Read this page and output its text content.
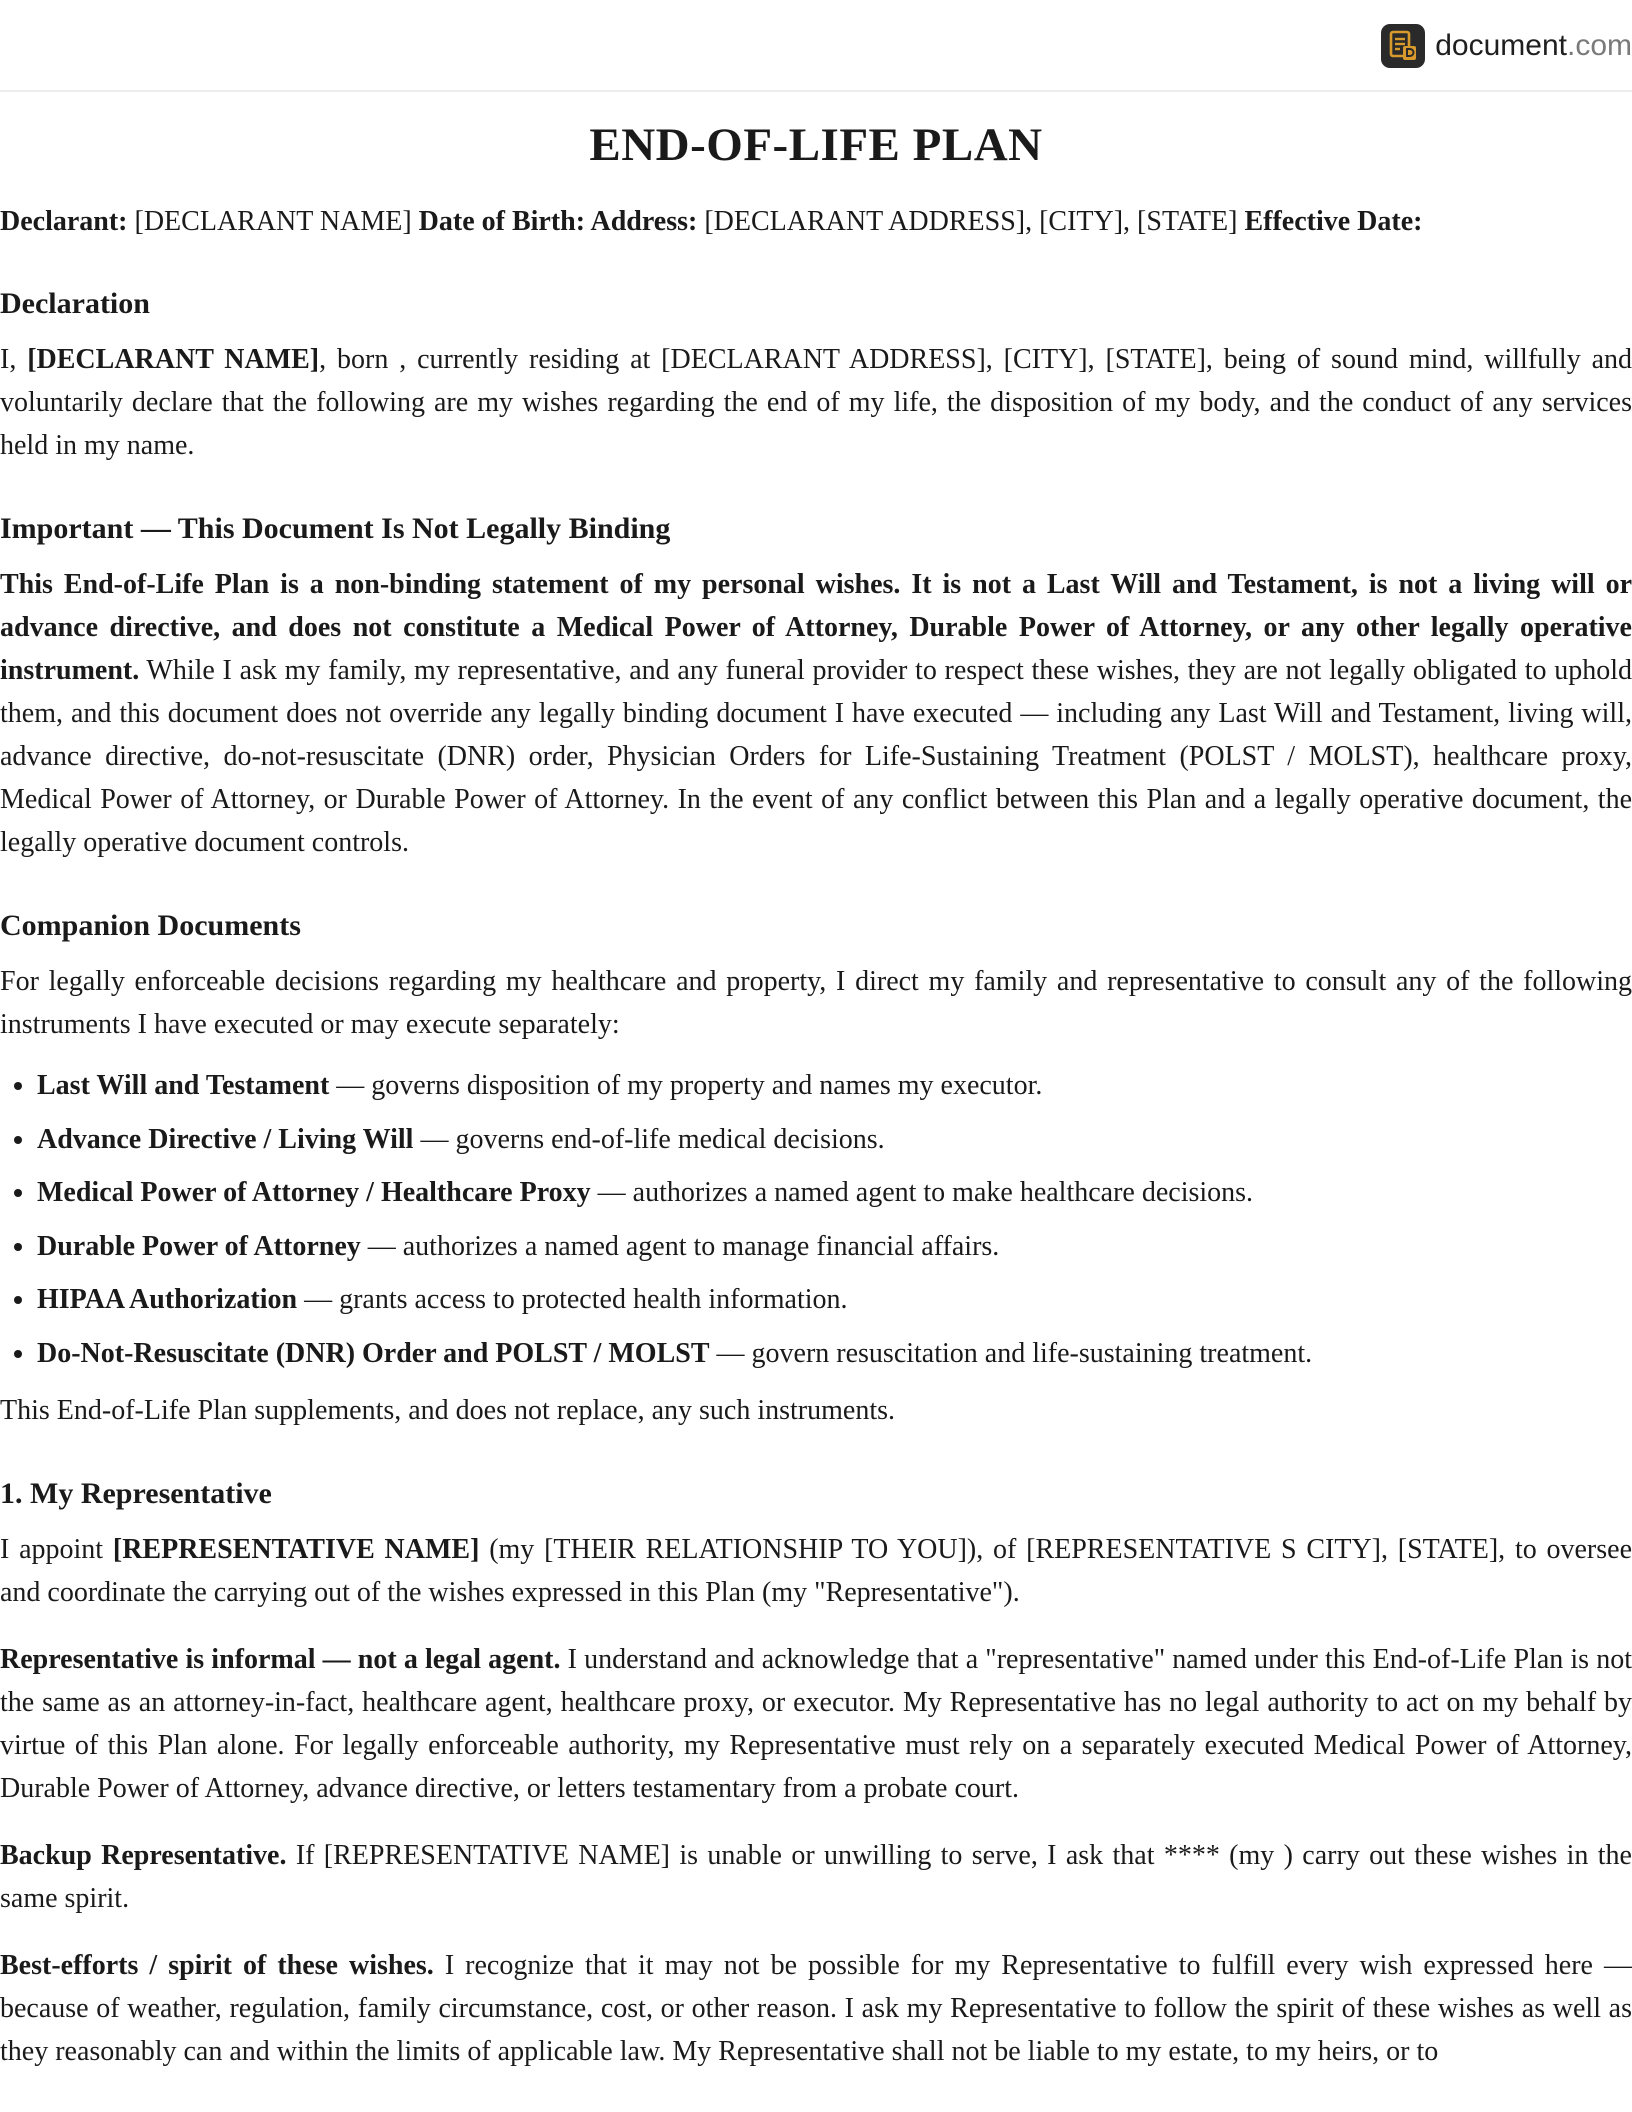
document.com
END-OF-LIFE PLAN
Declarant: [DECLARANT NAME] Date of Birth: Address: [DECLARANT ADDRESS], [CITY], [STATE] Effective Date:
Declaration

I, [DECLARANT NAME], born , currently residing at [DECLARANT ADDRESS], [CITY], [STATE], being of sound mind, willfully and voluntarily declare that the following are my wishes regarding the end of my life, the disposition of my body, and the conduct of any services held in my name.

Important — This Document Is Not Legally Binding

This End-of-Life Plan is a non-binding statement of my personal wishes. It is not a Last Will and Testament, is not a living will or advance directive, and does not constitute a Medical Power of Attorney, Durable Power of Attorney, or any other legally operative instrument. While I ask my family, my representative, and any funeral provider to respect these wishes, they are not legally obligated to uphold them, and this document does not override any legally binding document I have executed — including any Last Will and Testament, living will, advance directive, do-not-resuscitate (DNR) order, Physician Orders for Life-Sustaining Treatment (POLST / MOLST), healthcare proxy, Medical Power of Attorney, or Durable Power of Attorney. In the event of any conflict between this Plan and a legally operative document, the legally operative document controls.

Companion Documents

For legally enforceable decisions regarding my healthcare and property, I direct my family and representative to consult any of the following instruments I have executed or may execute separately:

• Last Will and Testament — governs disposition of my property and names my executor.
• Advance Directive / Living Will — governs end-of-life medical decisions.
• Medical Power of Attorney / Healthcare Proxy — authorizes a named agent to make healthcare decisions.
• Durable Power of Attorney — authorizes a named agent to manage financial affairs.
• HIPAA Authorization — grants access to protected health information.
• Do-Not-Resuscitate (DNR) Order and POLST / MOLST — govern resuscitation and life-sustaining treatment.

This End-of-Life Plan supplements, and does not replace, any such instruments.

1. My Representative

I appoint [REPRESENTATIVE NAME] (my [THEIR RELATIONSHIP TO YOU]), of [REPRESENTATIVE S CITY], [STATE], to oversee and coordinate the carrying out of the wishes expressed in this Plan (my "Representative").

Representative is informal — not a legal agent. I understand and acknowledge that a "representative" named under this End-of-Life Plan is not the same as an attorney-in-fact, healthcare agent, healthcare proxy, or executor. My Representative has no legal authority to act on my behalf by virtue of this Plan alone. For legally enforceable authority, my Representative must rely on a separately executed Medical Power of Attorney, Durable Power of Attorney, advance directive, or letters testamentary from a probate court.

Backup Representative. If [REPRESENTATIVE NAME] is unable or unwilling to serve, I ask that **** (my ) carry out these wishes in the same spirit.

Best-efforts / spirit of these wishes. I recognize that it may not be possible for my Representative to fulfill every wish expressed here — because of weather, regulation, family circumstance, cost, or other reason. I ask my Representative to follow the spirit of these wishes as well as they reasonably can and within the limits of applicable law. My Representative shall not be liable to my estate, to my heirs, or to
